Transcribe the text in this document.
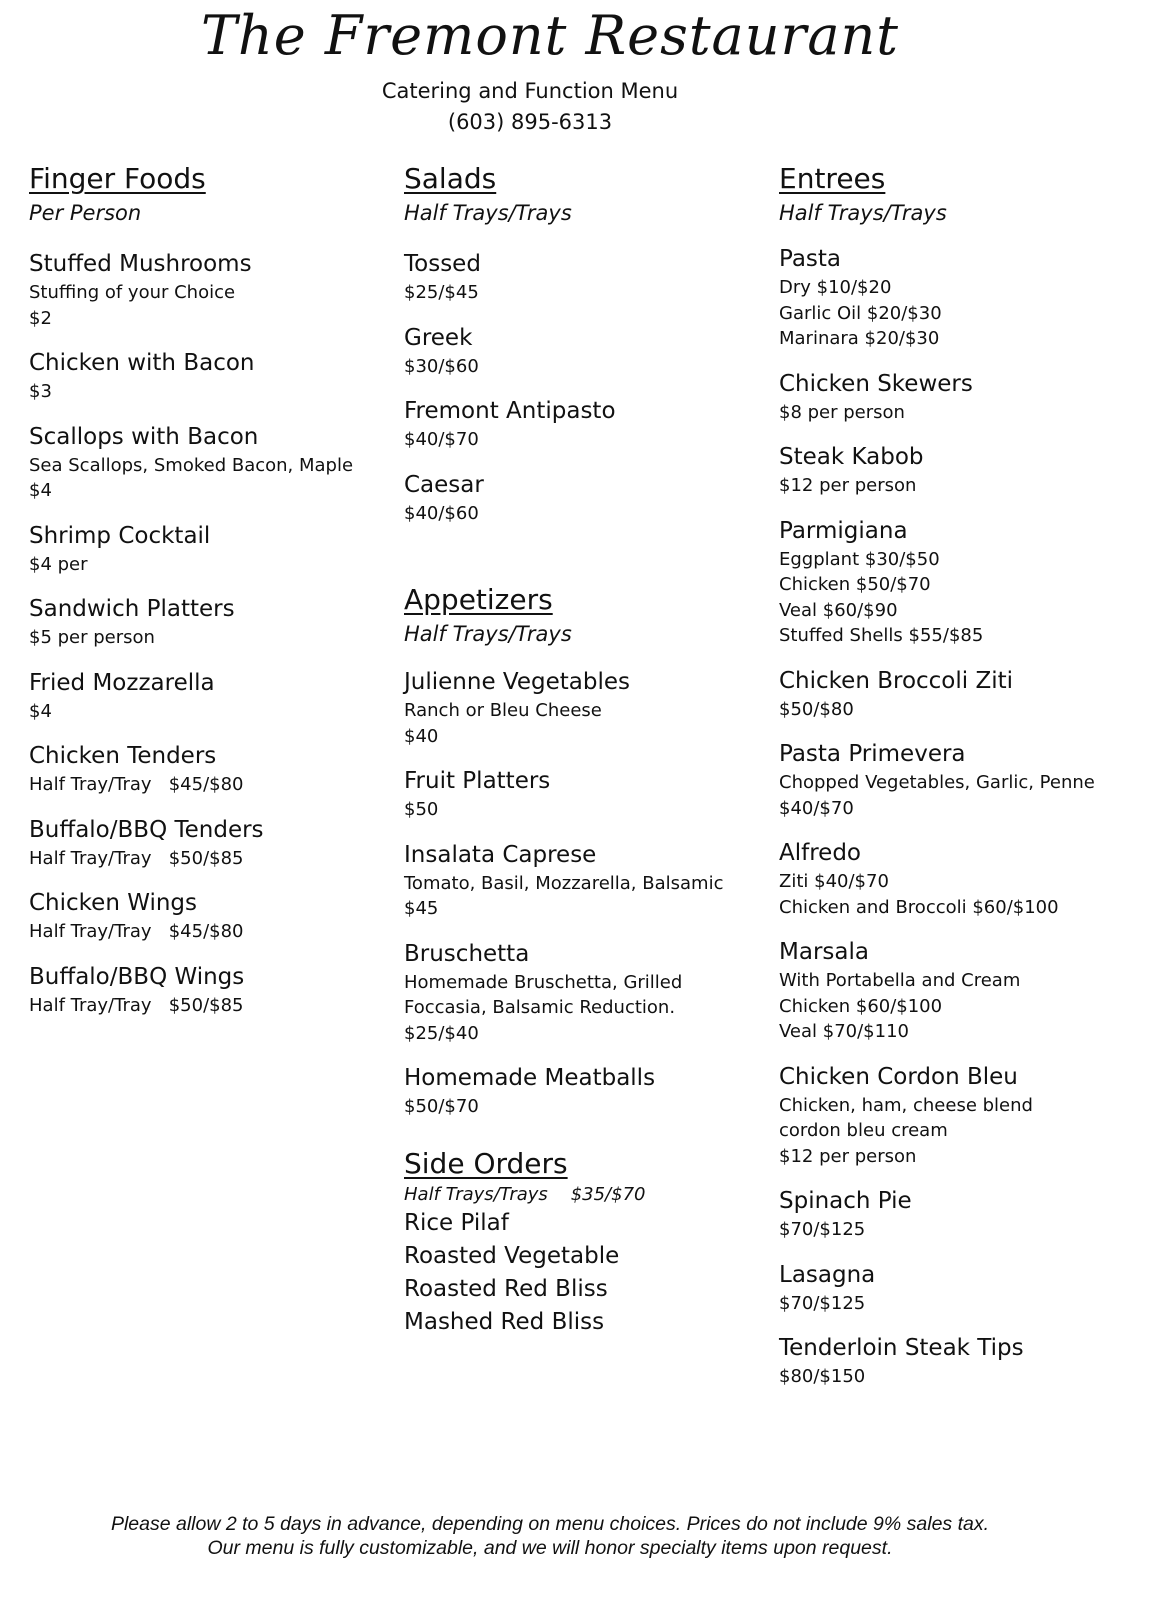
The Fremont Restaurant
Catering and Function Menu
(603) 895-6313
Finger Foods
Per Person
Stuffed Mushrooms
Stuffing of your Choice
$2
Chicken with Bacon
$3
Scallops with Bacon
Sea Scallops, Smoked Bacon, Maple
$4
Shrimp Cocktail
$4 per
Sandwich Platters
$5 per person
Fried Mozzarella
$4
Chicken Tenders
Half Tray/Tray   $45/$80
Buffalo/BBQ Tenders
Half Tray/Tray   $50/$85
Chicken Wings
Half Tray/Tray   $45/$80
Buffalo/BBQ Wings
Half Tray/Tray   $50/$85
Salads
Half Trays/Trays
Tossed
$25/$45
Greek
$30/$60
Fremont Antipasto
$40/$70
Caesar
$40/$60
Appetizers
Half Trays/Trays
Julienne Vegetables
Ranch or Bleu Cheese
$40
Fruit Platters
$50
Insalata Caprese
Tomato, Basil, Mozzarella, Balsamic
$45
Bruschetta
Homemade Bruschetta, Grilled
Foccasia, Balsamic Reduction.
$25/$40
Homemade Meatballs
$50/$70
Side Orders
Half Trays/Trays    $35/$70
Rice Pilaf
Roasted Vegetable
Roasted Red Bliss
Mashed Red Bliss
Entrees
Half Trays/Trays
Pasta
Dry $10/$20
Garlic Oil $20/$30
Marinara $20/$30
Chicken Skewers
$8 per person
Steak Kabob
$12 per person
Parmigiana
Eggplant $30/$50
Chicken $50/$70
Veal $60/$90
Stuffed Shells $55/$85
Chicken Broccoli Ziti
$50/$80
Pasta Primevera
Chopped Vegetables, Garlic, Penne
$40/$70
Alfredo
Ziti $40/$70
Chicken and Broccoli $60/$100
Marsala
With Portabella and Cream
Chicken $60/$100
Veal $70/$110
Chicken Cordon Bleu
Chicken, ham, cheese blend
cordon bleu cream
$12 per person
Spinach Pie
$70/$125
Lasagna
$70/$125
Tenderloin Steak Tips
$80/$150
Please allow 2 to 5 days in advance, depending on menu choices. Prices do not include 9% sales tax.
Our menu is fully customizable, and we will honor specialty items upon request.
